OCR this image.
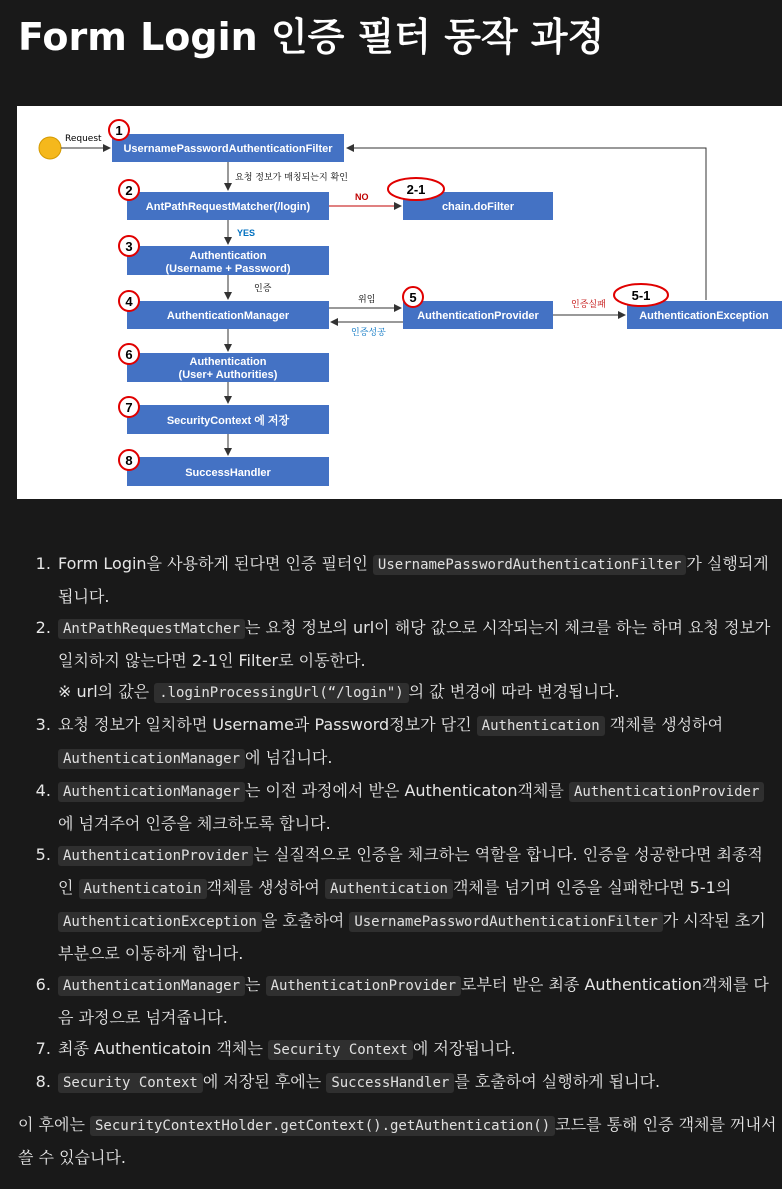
Form Login 인증 필터 동작 과정
Request
UsernamePasswordAuthenticationFilter
요청 정보가 매칭되는지 확인
AntPathRequestMatcher(/login)
NO
chain.doFilter
YES
Authentication
(Username + Password)
인증
AuthenticationManager
위임
인증성공
AuthenticationProvider
인증실패
AuthenticationException
Authentication
(User+ Authorities)
SecurityContext 에 저장
SuccessHandler
1
2	2-1
3
4	5	5-1
6
7
8
1. Form Login을 사용하게 된다면 인증 필터인 UsernamePasswordAuthenticationFilter 가 실행되게 됩니다.
2. AntPathRequestMatcher 는 요청 정보의 url이 해당 값으로 시작되는지 체크를 하는 하며 요청 정보가 일치하지 않는다면 2-1인 Filter로 이동한다.
※ url의 값은 .loginProcessingUrl(“/login") 의 값 변경에 따라 변경됩니다.
3. 요청 정보가 일치하면 Username과 Password정보가 담긴 Authentication 객체를 생성하여 AuthenticationManager 에 넘깁니다.
4. AuthenticationManager 는 이전 과정에서 받은 Authenticaton객체를 AuthenticationProvider에 넘겨주어 인증을 체크하도록 합니다.
5. AuthenticationProvider 는 실질적으로 인증을 체크하는 역할을 합니다. 인증을 성공한다면 최종적인 Authenticatoin 객체를 생성하여 Authentication 객체를 넘기며 인증을 실패한다면 5-1의 AuthenticationException 을 호출하여 UsernamePasswordAuthenticationFilter 가 시작된 초기 부분으로 이동하게 합니다.
6. AuthenticationManager 는 AuthenticationProvider 로부터 받은 최종 Authentication객체를 다음 과정으로 넘겨줍니다.
7. 최종 Authenticatoin 객체는 Security Context 에 저장됩니다.
8. Security Context 에 저장된 후에는 SuccessHandler 를 호출하여 실행하게 됩니다.

이 후에는 SecurityContextHolder.getContext().getAuthentication() 코드를 통해 인증 객체를 꺼내서 쓸 수 있습니다.
